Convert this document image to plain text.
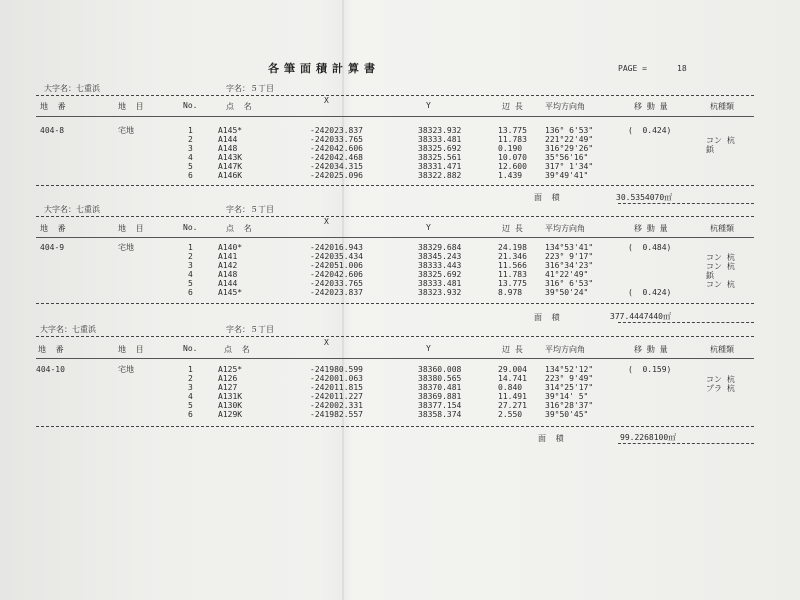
各筆面積計算書	PAGE =	18
大字名：七重浜	字名：５丁目
地  番	地  目	No.	点  名
X
Y	辺 長	平均方向角	移 動 量	杭種類
404-8	宅地	1	A145*	-242023.837	38323.932	13.775 136° 6'53"	(  0.424)
2	A144	-242033.765	38333.481	11.783 221°22'49"	コン 杭
3	A148	-242042.606	38325.692	0.190	316°29'26"	鋲
4	A143K	-242042.468	38325.561	10.070 35°56'16"
5	A147K	-242034.315	38331.471	12.600 317° 1'34"
6	A146K	-242025.096	38322.882	1.439	39°49'41"
面  積	30.5354070㎡
大字名：七重浜	字名：５丁目
地  番	地  目	No.	点  名
X
Y	辺 長	平均方向角	移 動 量	杭種類
404-9	宅地	1	A140*	-242016.943	38329.684	24.198 134°53'41"	(  0.484)
2	A141	-242035.434	38345.243	21.346 223° 9'17"	コン 杭
3	A142	-242051.006	38333.443	11.566 316°34'23"	コン 杭
4	A148	-242042.606	38325.692	11.783 41°22'49"	鋲
5	A144	-242033.765	38333.481	13.775 316° 6'53"	コン 杭
6	A145*	-242023.837	38323.932	8.978	39°50'24"	(  0.424)
面  積	377.4447440㎡
大字名：七重浜	字名：５丁目
地  番	地  目	No.	点  名
X
Y	辺 長	平均方向角	移 動 量	杭種類
404-10	宅地	1	A125*	-241980.599	38360.008	29.004 134°52'12"	(  0.159)
2	A126	-242001.063	38380.565	14.741 223° 9'49"	コン 杭
3	A127	-242011.815	38370.481	0.840	314°25'17"	プラ 杭
4	A131K	-242011.227	38369.881	11.491 39°14' 5"
5	A130K	-242002.331	38377.154	27.271 316°28'37"
6	A129K	-241982.557	38358.374	2.550	39°50'45"
面  積	99.2268100㎡
